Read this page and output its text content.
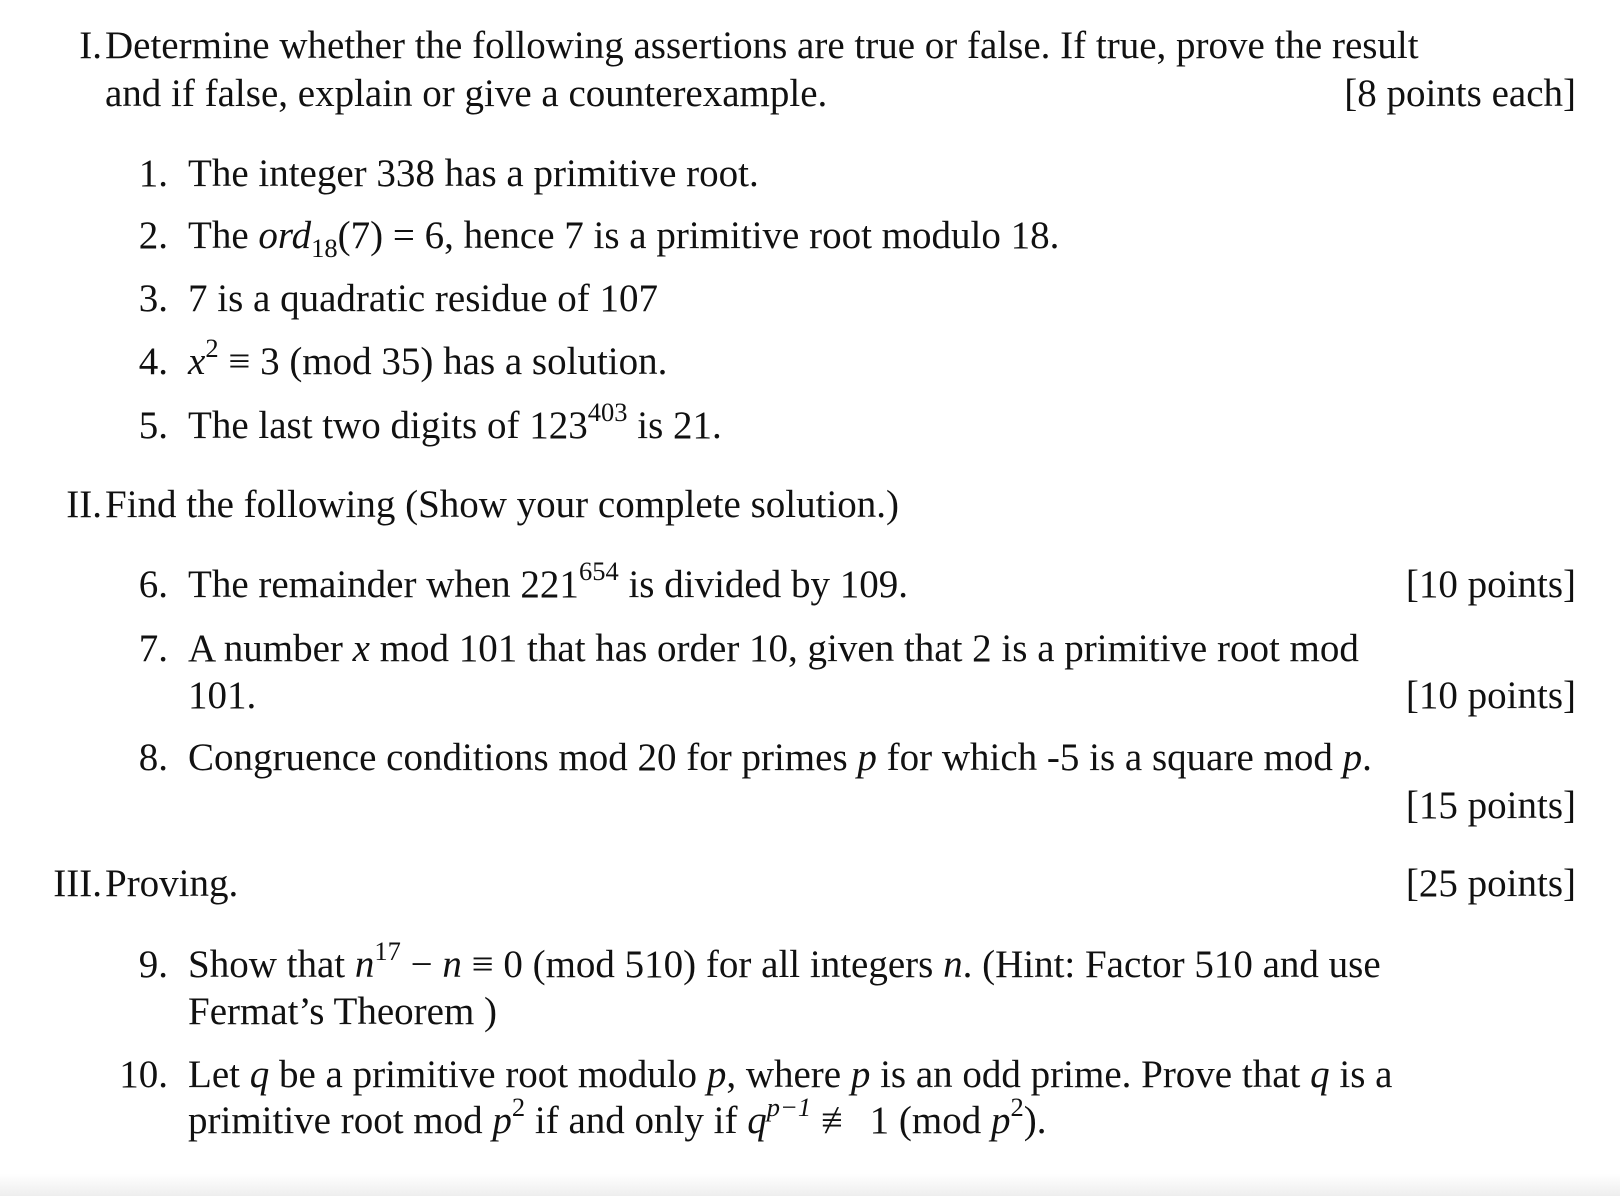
I. Determine whether the following assertions are true or false. If true, prove the result
and if false, explain or give a counterexample.	[8 points each]
1. The integer 338 has a primitive root.
2. The ord$_{18}$(7) = 6, hence 7 is a primitive root modulo 18.
3. 7 is a quadratic residue of 107
4. $x^2 \equiv 3$ (mod 35) has a solution.
5. The last two digits of $123^{403}$ is 21.
II. Find the following (Show your complete solution.)
6. The remainder when $221^{654}$ is divided by 109.	[10 points]
7. A number x mod 101 that has order 10, given that 2 is a primitive root mod
101.	[10 points]
8. Congruence conditions mod 20 for primes p for which -5 is a square mod p.
[15 points]
III. Proving.	[25 points]
9. Show that $n^{17} - n \equiv 0$ (mod 510) for all integers n. (Hint: Factor 510 and use
Fermat’s Theorem )
10. Let q be a primitive root modulo p, where p is an odd prime. Prove that q is a
primitive root mod $p^2$ if and only if $q^{p-1}$ ≢ 1 (mod $p^2$).
